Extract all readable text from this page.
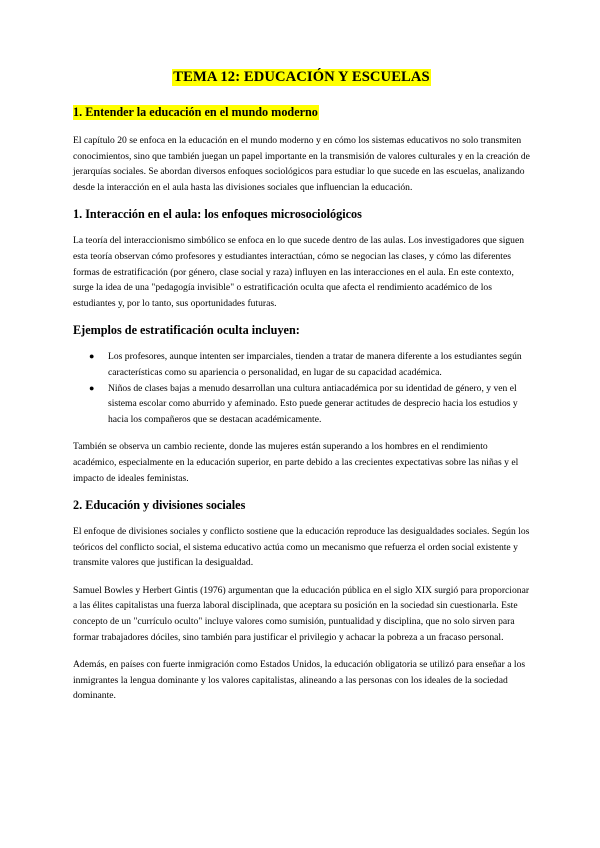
TEMA 12: EDUCACIÓN Y ESCUELAS
1. Entender la educación en el mundo moderno

El capítulo 20 se enfoca en la educación en el mundo moderno y en cómo los sistemas educativos no solo transmiten conocimientos, sino que también juegan un papel importante en la transmisión de valores culturales y en la creación de jerarquías sociales. Se abordan diversos enfoques sociológicos para estudiar lo que sucede en las escuelas, analizando desde la interacción en el aula hasta las divisiones sociales que influencian la educación.

1. Interacción en el aula: los enfoques microsociológicos

La teoría del interaccionismo simbólico se enfoca en lo que sucede dentro de las aulas. Los investigadores que siguen esta teoría observan cómo profesores y estudiantes interactúan, cómo se negocian las clases, y cómo las diferentes formas de estratificación (por género, clase social y raza) influyen en las interacciones en el aula. En este contexto, surge la idea de una "pedagogía invisible" o estratificación oculta que afecta el rendimiento académico de los estudiantes y, por lo tanto, sus oportunidades futuras.

Ejemplos de estratificación oculta incluyen:
● Los profesores, aunque intenten ser imparciales, tienden a tratar de manera diferente a los estudiantes según características como su apariencia o personalidad, en lugar de su capacidad académica.
● Niños de clases bajas a menudo desarrollan una cultura antiacadémica por su identidad de género, y ven el sistema escolar como aburrido y afeminado. Esto puede generar actitudes de desprecio hacia los estudios y hacia los compañeros que se destacan académicamente.

También se observa un cambio reciente, donde las mujeres están superando a los hombres en el rendimiento académico, especialmente en la educación superior, en parte debido a las crecientes expectativas sobre las niñas y el impacto de ideales feministas.

2. Educación y divisiones sociales

El enfoque de divisiones sociales y conflicto sostiene que la educación reproduce las desigualdades sociales. Según los teóricos del conflicto social, el sistema educativo actúa como un mecanismo que refuerza el orden social existente y transmite valores que justifican la desigualdad.

Samuel Bowles y Herbert Gintis (1976) argumentan que la educación pública en el siglo XIX surgió para proporcionar a las élites capitalistas una fuerza laboral disciplinada, que aceptara su posición en la sociedad sin cuestionarla. Este concepto de un "currículo oculto" incluye valores como sumisión, puntualidad y disciplina, que no solo sirven para formar trabajadores dóciles, sino también para justificar el privilegio y achacar la pobreza a un fracaso personal.

Además, en países con fuerte inmigración como Estados Unidos, la educación obligatoria se utilizó para enseñar a los inmigrantes la lengua dominante y los valores capitalistas, alineando a las personas con los ideales de la sociedad dominante.
